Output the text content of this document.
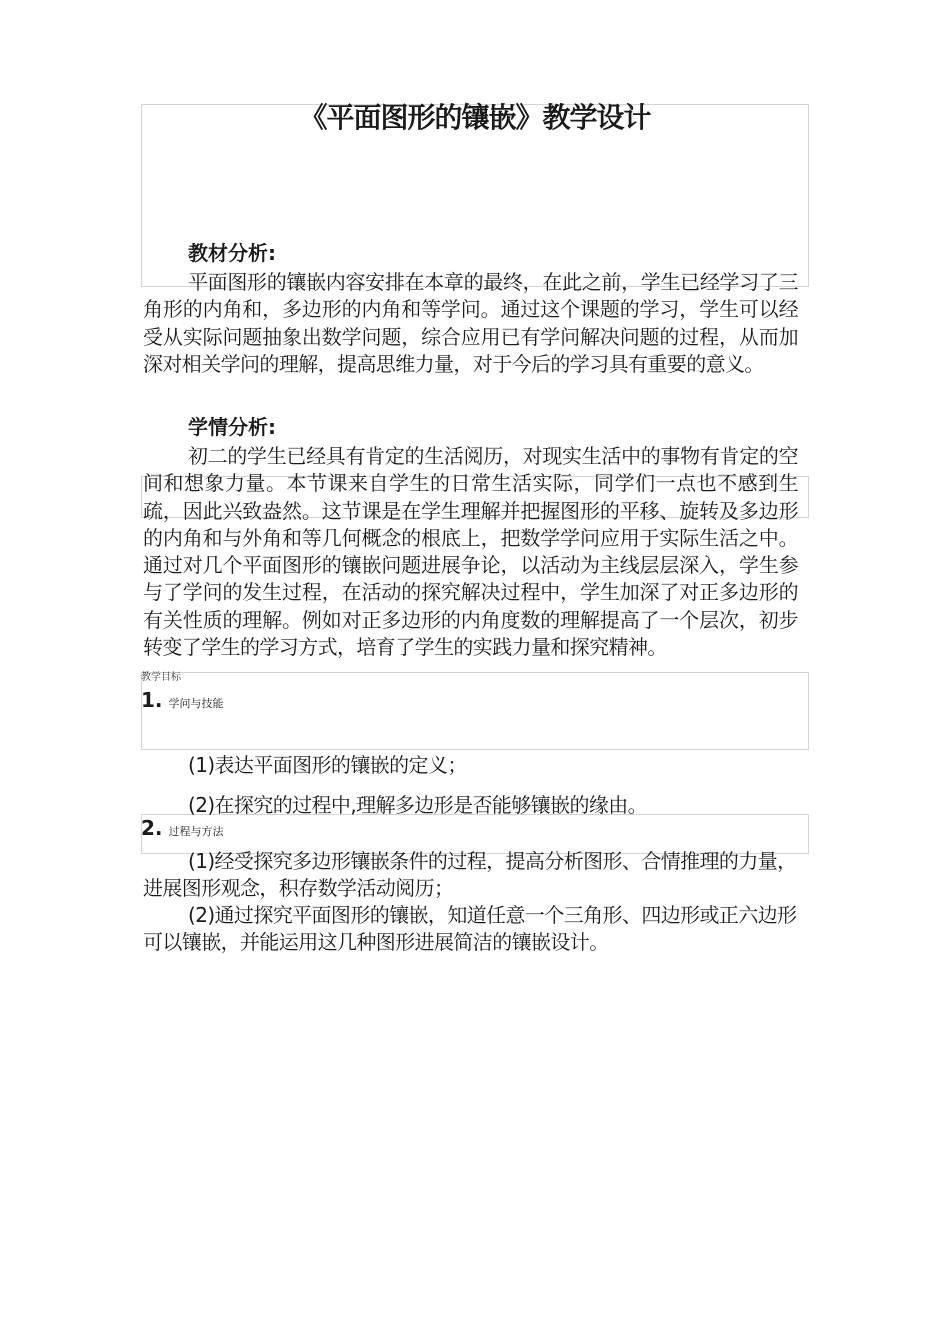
《平面图形的镶嵌》教学设计
教材分析:

平面图形的镶嵌内容安排在本章的最终，在此之前，学生已经学习了三角形的内角和，多边形的内角和等学问。通过这个课题的学习，学生可以经受从实际问题抽象出数学问题，综合应用已有学问解决问题的过程，从而加深对相关学问的理解，提高思维力量，对于今后的学习具有重要的意义。

学情分析:

初二的学生已经具有肯定的生活阅历，对现实生活中的事物有肯定的空间和想象力量。本节课来自学生的日常生活实际，同学们一点也不感到生疏，因此兴致盎然。这节课是在学生理解并把握图形的平移、旋转及多边形的内角和与外角和等几何概念的根底上，把数学学问应用于实际生活之中。通过对几个平面图形的镶嵌问题进展争论，以活动为主线层层深入，学生参与了学问的发生过程，在活动的探究解决过程中，学生加深了对正多边形的有关性质的理解。例如对正多边形的内角度数的理解提高了一个层次，初步转变了学生的学习方式，培育了学生的实践力量和探究精神。

教学目标
1. 学问与技能

(1)表达平面图形的镶嵌的定义；

(2)在探究的过程中,理解多边形是否能够镶嵌的缘由。

2. 过程与方法

(1)经受探究多边形镶嵌条件的过程，提高分析图形、合情推理的力量，进展图形观念，积存数学活动阅历；

(2)通过探究平面图形的镶嵌，知道任意一个三角形、四边形或正六边形可以镶嵌，并能运用这几种图形进展简洁的镶嵌设计。
